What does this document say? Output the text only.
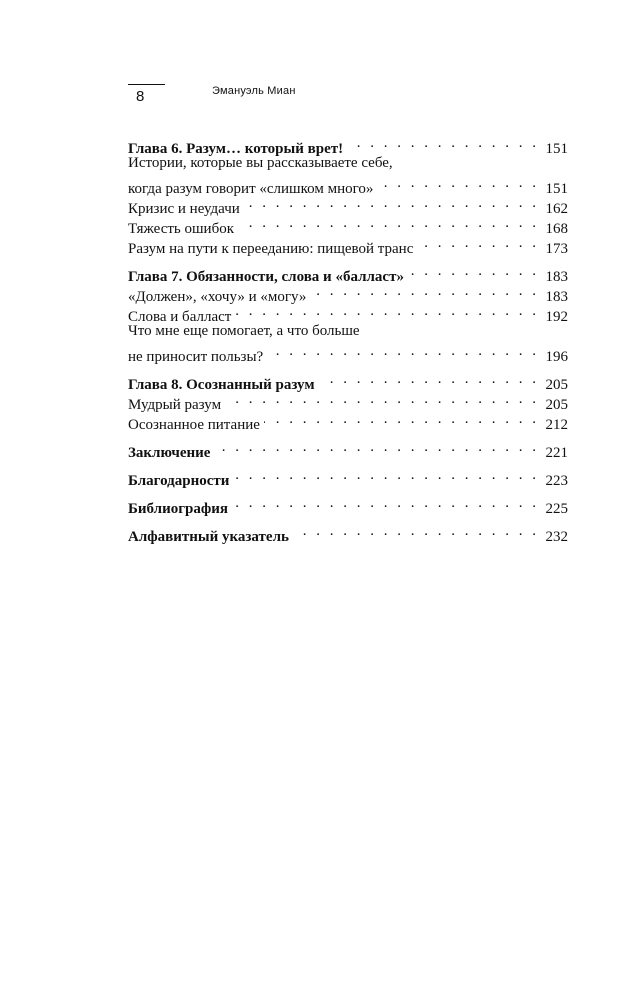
8	Эмануэль Миан
Глава 6. Разум… который врет! . . .	151
Истории, которые вы рассказываете себе,
когда разум говорит «слишком много» . . .	151
Кризис и неудачи . . .	162
Тяжесть ошибок . . .	168
Разум на пути к перееданию: пищевой транс . . .	173
Глава 7. Обязанности, слова и «балласт» . . .	183
«Должен», «хочу» и «могу» . . .	183
Слова и балласт . . .	192
Что мне еще помогает, а что больше
не приносит пользы? . . .	196
Глава 8. Осознанный разум . . .	205
Мудрый разум . . .	205
Осознанное питание . . .	212
Заключение . . .	221
Благодарности . . .	223
Библиография . . .	225
Алфавитный указатель . . .	232
